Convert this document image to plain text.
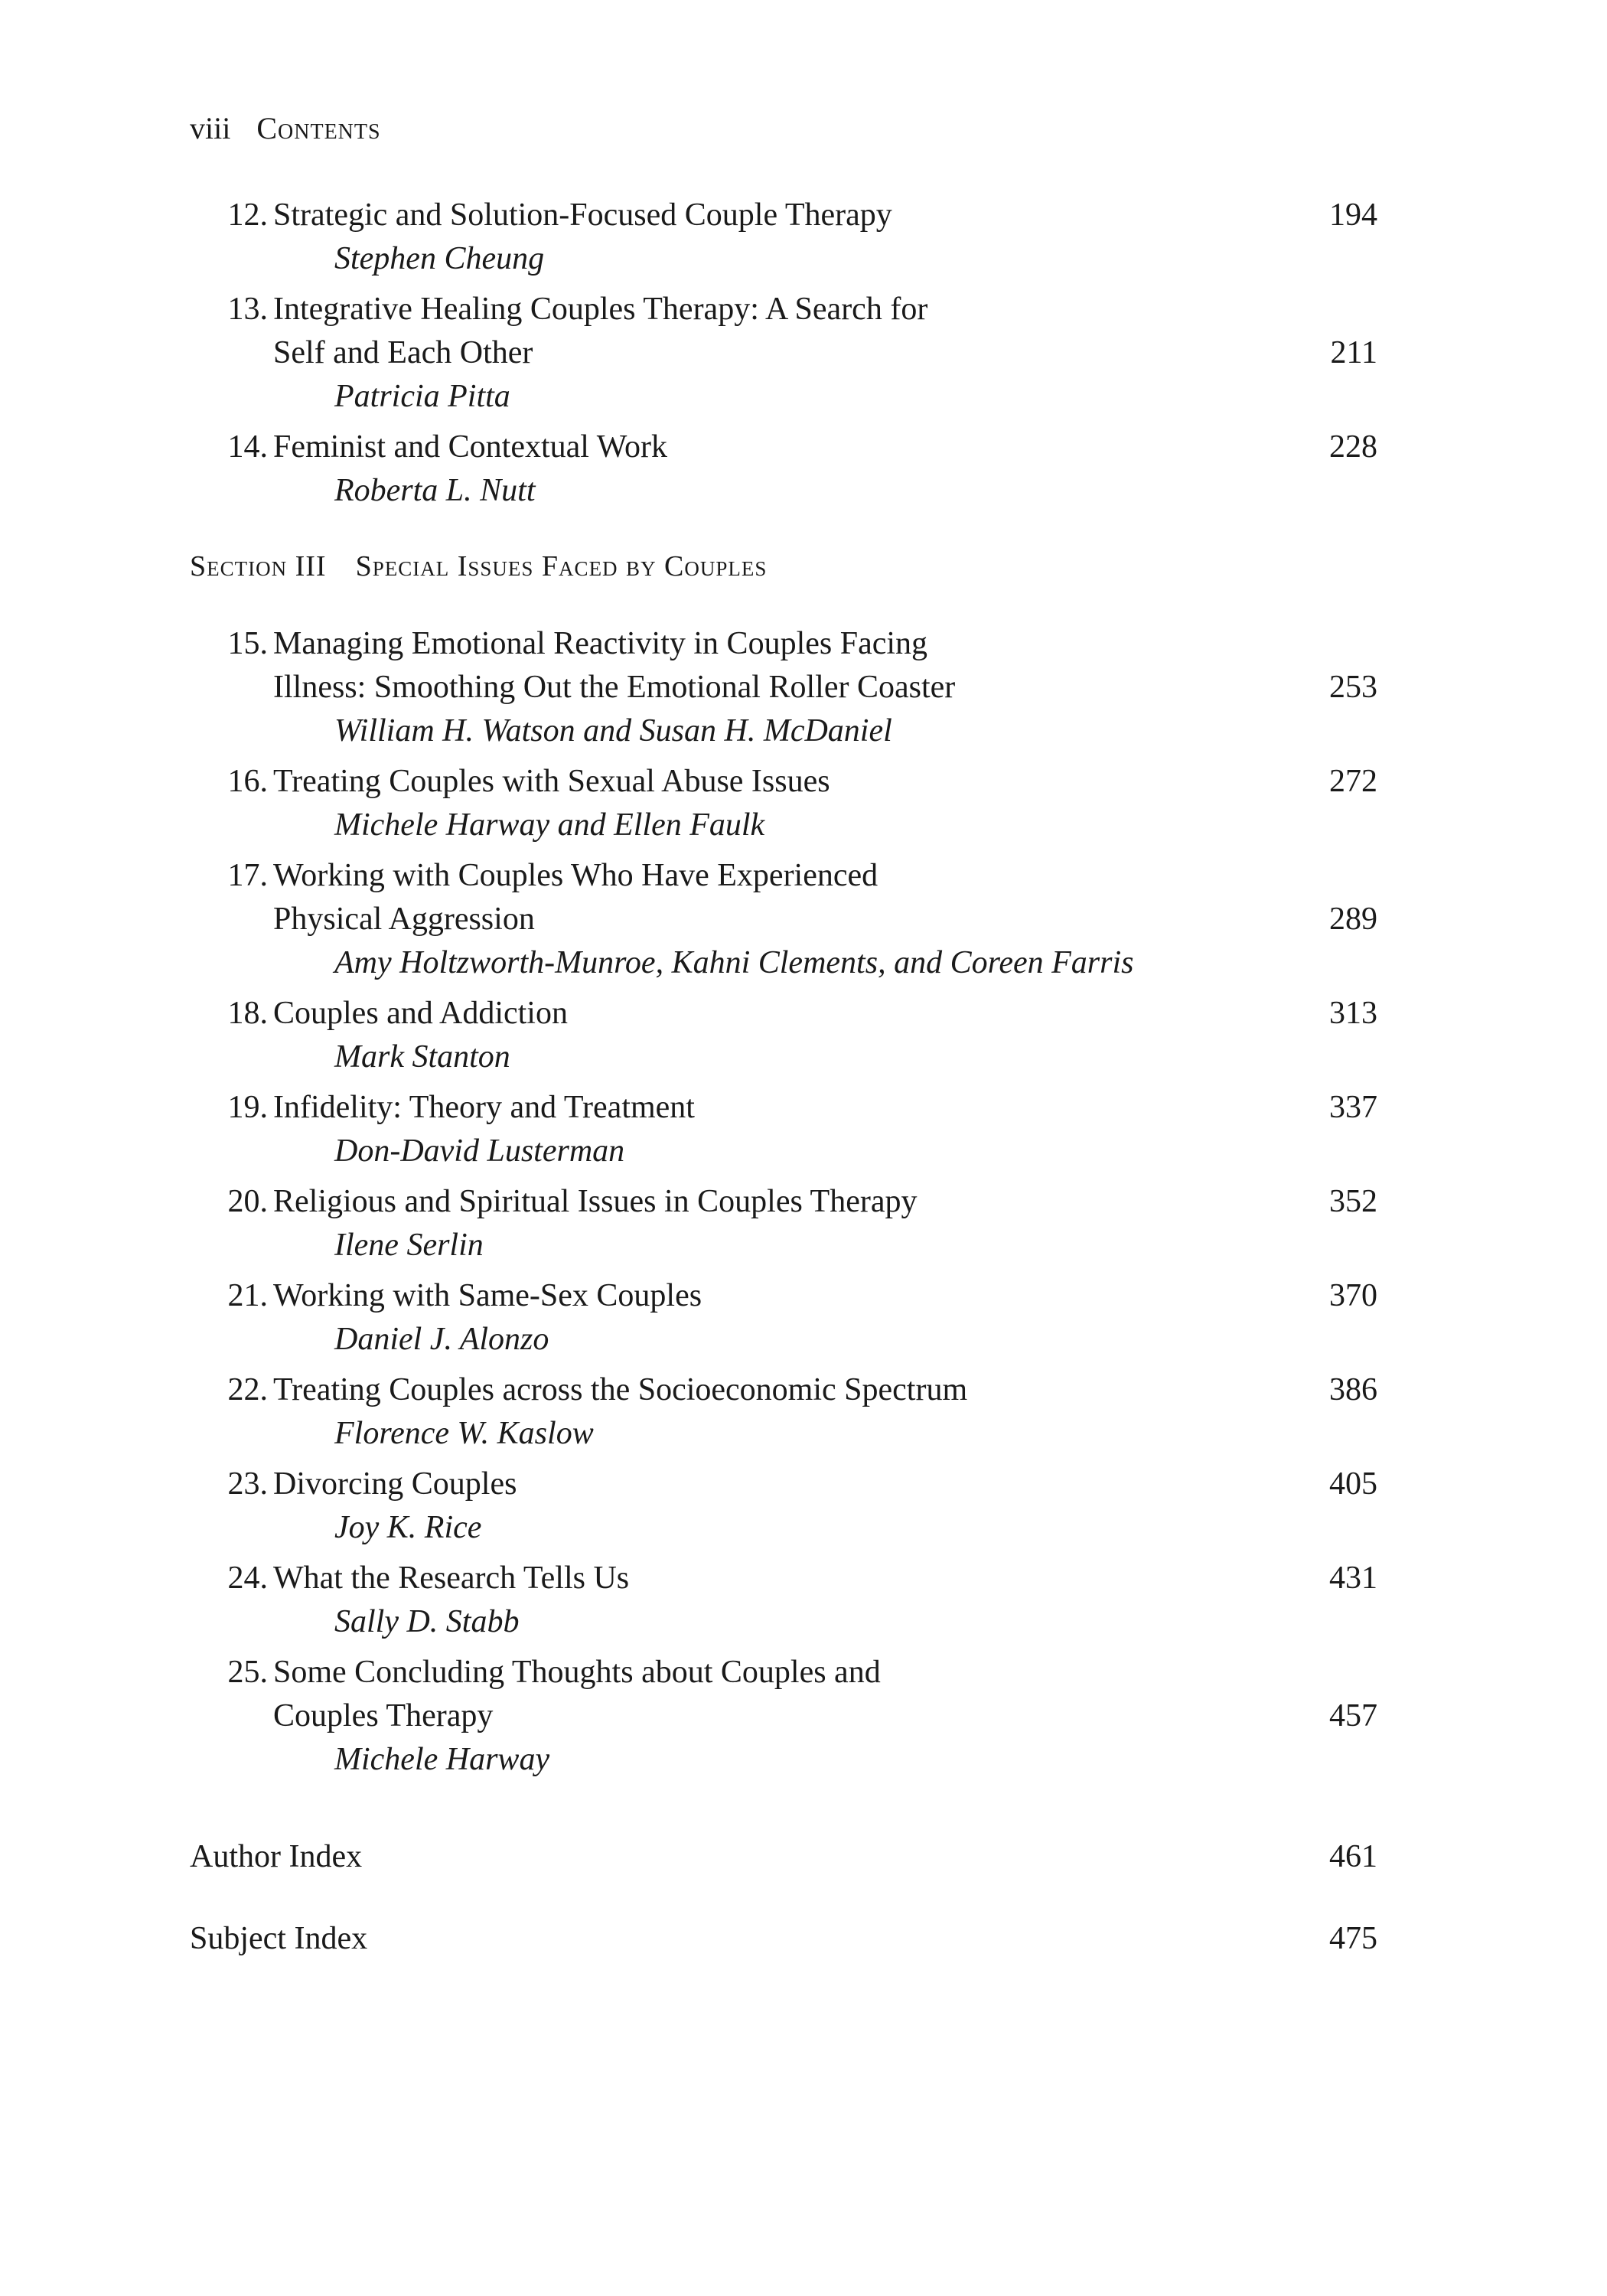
viii Contents
12. Strategic and Solution-Focused Couple Therapy	194
Stephen Cheung
13. Integrative Healing Couples Therapy: A Search for
Self and Each Other	211
Patricia Pitta
14. Feminist and Contextual Work	228
Roberta L. Nutt
Section III Special Issues Faced by Couples
15. Managing Emotional Reactivity in Couples Facing
Illness: Smoothing Out the Emotional Roller Coaster	253
William H. Watson and Susan H. McDaniel
16. Treating Couples with Sexual Abuse Issues	272
Michele Harway and Ellen Faulk
17. Working with Couples Who Have Experienced
Physical Aggression	289
Amy Holtzworth-Munroe, Kahni Clements, and Coreen Farris
18. Couples and Addiction	313
Mark Stanton
19. Infidelity: Theory and Treatment	337
Don-David Lusterman
20. Religious and Spiritual Issues in Couples Therapy	352
Ilene Serlin
21. Working with Same-Sex Couples	370
Daniel J. Alonzo
22. Treating Couples across the Socioeconomic Spectrum	386
Florence W. Kaslow
23. Divorcing Couples	405
Joy K. Rice
24. What the Research Tells Us	431
Sally D. Stabb
25. Some Concluding Thoughts about Couples and
Couples Therapy	457
Michele Harway
Author Index	461
Subject Index	475
